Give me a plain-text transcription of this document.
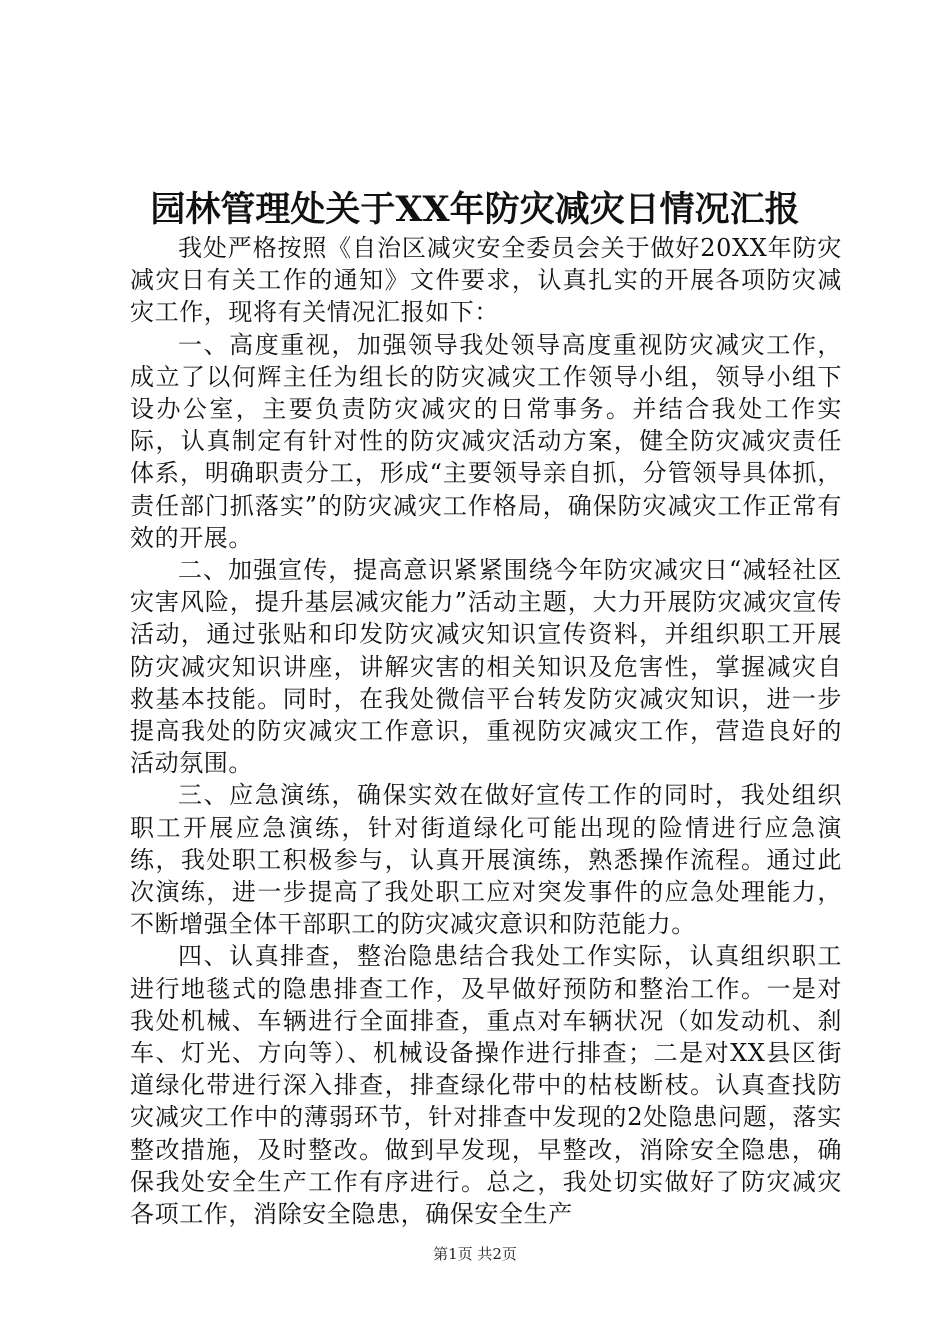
园林管理处关于XX年防灾减灾日情况汇报

我处严格按照《自治区减灾安全委员会关于做好20XX年防灾减灾日有关工作的通知》文件要求，认真扎实的开展各项防灾减灾工作，现将有关情况汇报如下：

一、高度重视，加强领导我处领导高度重视防灾减灾工作，成立了以何辉主任为组长的防灾减灾工作领导小组，领导小组下设办公室，主要负责防灾减灾的日常事务。并结合我处工作实际，认真制定有针对性的防灾减灾活动方案，健全防灾减灾责任体系，明确职责分工，形成“主要领导亲自抓，分管领导具体抓，责任部门抓落实”的防灾减灾工作格局，确保防灾减灾工作正常有效的开展。

二、加强宣传，提高意识紧紧围绕今年防灾减灾日“减轻社区灾害风险，提升基层减灾能力”活动主题，大力开展防灾减灾宣传活动，通过张贴和印发防灾减灾知识宣传资料，并组织职工开展防灾减灾知识讲座，讲解灾害的相关知识及危害性，掌握减灾自救基本技能。同时，在我处微信平台转发防灾减灾知识，进一步提高我处的防灾减灾工作意识，重视防灾减灾工作，营造良好的活动氛围。

三、应急演练，确保实效在做好宣传工作的同时，我处组织职工开展应急演练，针对街道绿化可能出现的险情进行应急演练，我处职工积极参与，认真开展演练，熟悉操作流程。通过此次演练，进一步提高了我处职工应对突发事件的应急处理能力，不断增强全体干部职工的防灾减灾意识和防范能力。

四、认真排查，整治隐患结合我处工作实际，认真组织职工进行地毯式的隐患排查工作，及早做好预防和整治工作。一是对我处机械、车辆进行全面排查，重点对车辆状况（如发动机、刹车、灯光、方向等）、机械设备操作进行排查；二是对XX县区街道绿化带进行深入排查，排查绿化带中的枯枝断枝。认真查找防灾减灾工作中的薄弱环节，针对排查中发现的2处隐患问题，落实整改措施，及时整改。做到早发现，早整改，消除安全隐患，确保我处安全生产工作有序进行。总之，我处切实做好了防灾减灾各项工作，消除安全隐患，确保安全生产

第1页 共2页
